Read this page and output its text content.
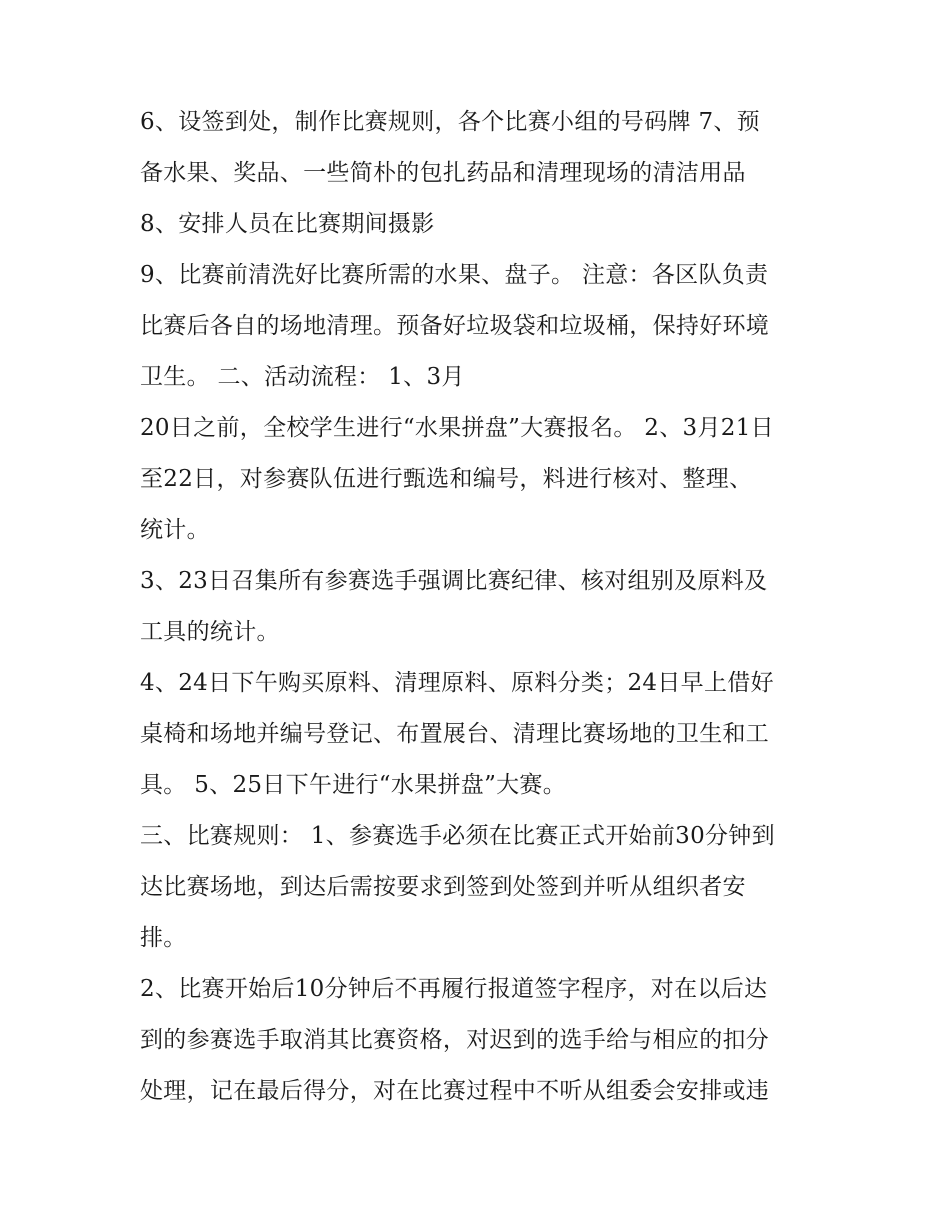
6、设签到处，制作比赛规则，各个比赛小组的号码牌 7、预
备水果、奖品、一些简朴的包扎药品和清理现场的清洁用品
8、安排人员在比赛期间摄影
9、比赛前清洗好比赛所需的水果、盘子。 注意：各区队负责
比赛后各自的场地清理。预备好垃圾袋和垃圾桶，保持好环境
卫生。 二、活动流程： 1、3月
20日之前，全校学生进行“水果拼盘”大赛报名。 2、3月21日
至22日，对参赛队伍进行甄选和编号，料进行核对、整理、
统计。
3、23日召集所有参赛选手强调比赛纪律、核对组别及原料及
工具的统计。
4、24日下午购买原料、清理原料、原料分类；24日早上借好
桌椅和场地并编号登记、布置展台、清理比赛场地的卫生和工
具。 5、25日下午进行“水果拼盘”大赛。
三、比赛规则： 1、参赛选手必须在比赛正式开始前30分钟到
达比赛场地，到达后需按要求到签到处签到并听从组织者安
排。
2、比赛开始后10分钟后不再履行报道签字程序，对在以后达
到的参赛选手取消其比赛资格，对迟到的选手给与相应的扣分
处理，记在最后得分，对在比赛过程中不听从组委会安排或违
